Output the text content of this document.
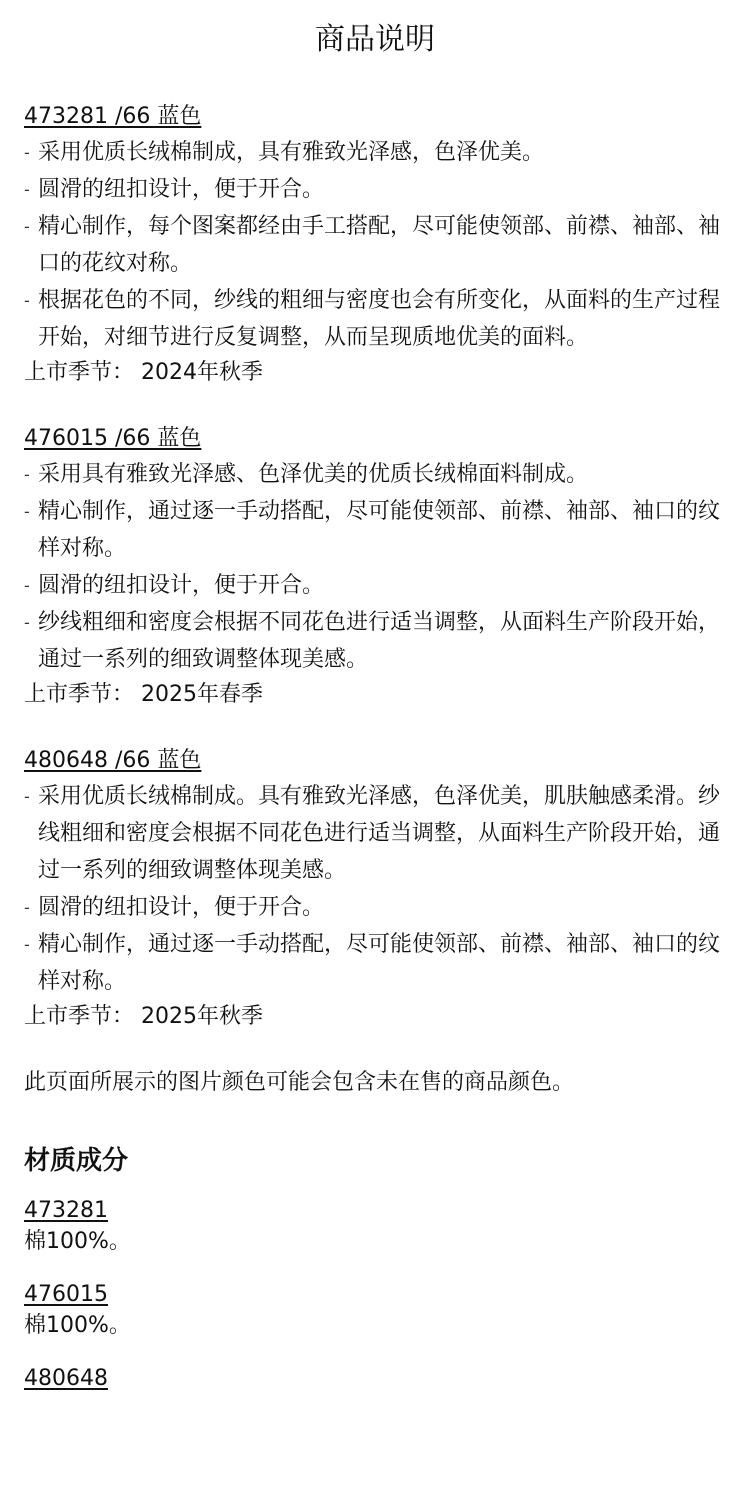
商品说明
473281 /66 蓝色
- 采用优质长绒棉制成，具有雅致光泽感，色泽优美。
- 圆滑的纽扣设计，便于开合。
- 精心制作，每个图案都经由手工搭配，尽可能使领部、前襟、袖部、袖口的花纹对称。
- 根据花色的不同，纱线的粗细与密度也会有所变化，从面料的生产过程开始，对细节进行反复调整，从而呈现质地优美的面料。
上市季节： 2024年秋季
476015 /66 蓝色
- 采用具有雅致光泽感、色泽优美的优质长绒棉面料制成。
- 精心制作，通过逐一手动搭配，尽可能使领部、前襟、袖部、袖口的纹样对称。
- 圆滑的纽扣设计，便于开合。
- 纱线粗细和密度会根据不同花色进行适当调整，从面料生产阶段开始，通过一系列的细致调整体现美感。
上市季节： 2025年春季
480648 /66 蓝色
- 采用优质长绒棉制成。具有雅致光泽感，色泽优美，肌肤触感柔滑。纱线粗细和密度会根据不同花色进行适当调整，从面料生产阶段开始，通过一系列的细致调整体现美感。
- 圆滑的纽扣设计，便于开合。
- 精心制作，通过逐一手动搭配，尽可能使领部、前襟、袖部、袖口的纹样对称。
上市季节： 2025年秋季
此页面所展示的图片颜色可能会包含未在售的商品颜色。
材质成分
473281
棉100%。
476015
棉100%。
480648
